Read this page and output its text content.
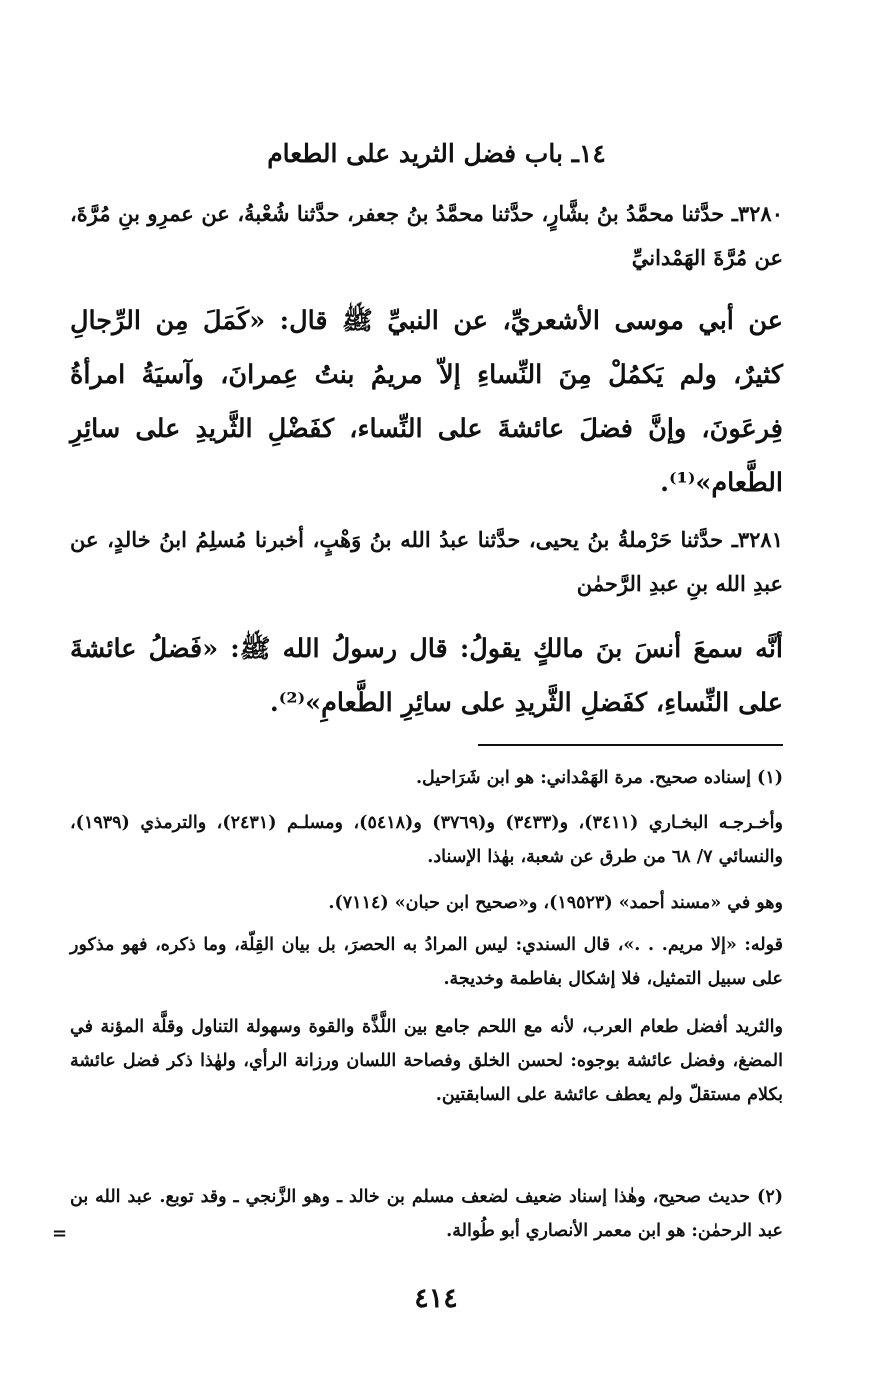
١٤ـ باب فضل الثريد على الطعام

٣٢٨٠ـ حدَّثنا محمَّدُ بنُ بشَّارٍ، حدَّثنا محمَّدُ بنُ جعفر، حدَّثنا شُعْبةُ، عن عمرِو بنِ مُرَّةَ، عن مُرَّةَ الهَمْدانيِّ

عن أبي موسى الأشعريِّ، عن النبيِّ ﷺ قال: «كَمَلَ مِن الرِّجالِ كثيرٌ، ولم يَكمُلْ مِنَ النِّساءِ إلاّ مريمُ بنتُ عِمرانَ، وآسيَةُ امرأةُ فِرعَونَ، وإنَّ فضلَ عائشةَ على النِّساء، كفَضْلِ الثَّريدِ على سائِرِ الطَّعام»⁽¹⁾.

٣٢٨١ـ حدَّثنا حَرْملةُ بنُ يحيى، حدَّثنا عبدُ الله بنُ وَهْبٍ، أخبرنا مُسلِمُ ابنُ خالدٍ، عن عبدِ الله بنِ عبدِ الرَّحمٰن

أنَّه سمعَ أنسَ بنَ مالكٍ يقولُ: قال رسولُ الله ﷺ: «فَضلُ عائشةَ على النِّساءِ، كفَضلِ الثَّريدِ على سائِرِ الطَّعامِ»⁽²⁾.

(١) إسناده صحيح. مرة الهَمْداني: هو ابن شَرَاحيل.

وأخـرجـه البخـاري (٣٤١١)، و(٣٤٣٣) و(٣٧٦٩) و(٥٤١٨)، ومسلـم (٢٤٣١)، والترمذي (١٩٣٩)، والنسائي ٧/ ٦٨ من طرق عن شعبة، بهٰذا الإسناد.

وهو في «مسند أحمد» (١٩٥٢٣)، و«صحيح ابن حبان» (٧١١٤).

قوله: «إلا مريم. . .»، قال السندي: ليس المرادُ به الحصرَ، بل بيان القِلّة، وما ذكره، فهو مذكور على سبيل التمثيل، فلا إشكال بفاطمة وخديجة.

والثريد أفضل طعام العرب، لأنه مع اللحم جامع بين اللَّذَّة والقوة وسهولة التناول وقلَّة المؤنة في المضغ، وفضل عائشة بوجوه: لحسن الخلق وفصاحة اللسان ورزانة الرأي، ولهٰذا ذكر فضل عائشة بكلام مستقلّ ولم يعطف عائشة على السابقتين.

(٢) حديث صحيح، وهٰذا إسناد ضعيف لضعف مسلم بن خالد ـ وهو الزَّنجي ـ وقد توبع. عبد الله بن عبد الرحمٰن: هو ابن معمر الأنصاري أبو طُوالة.

=
٤١٤
